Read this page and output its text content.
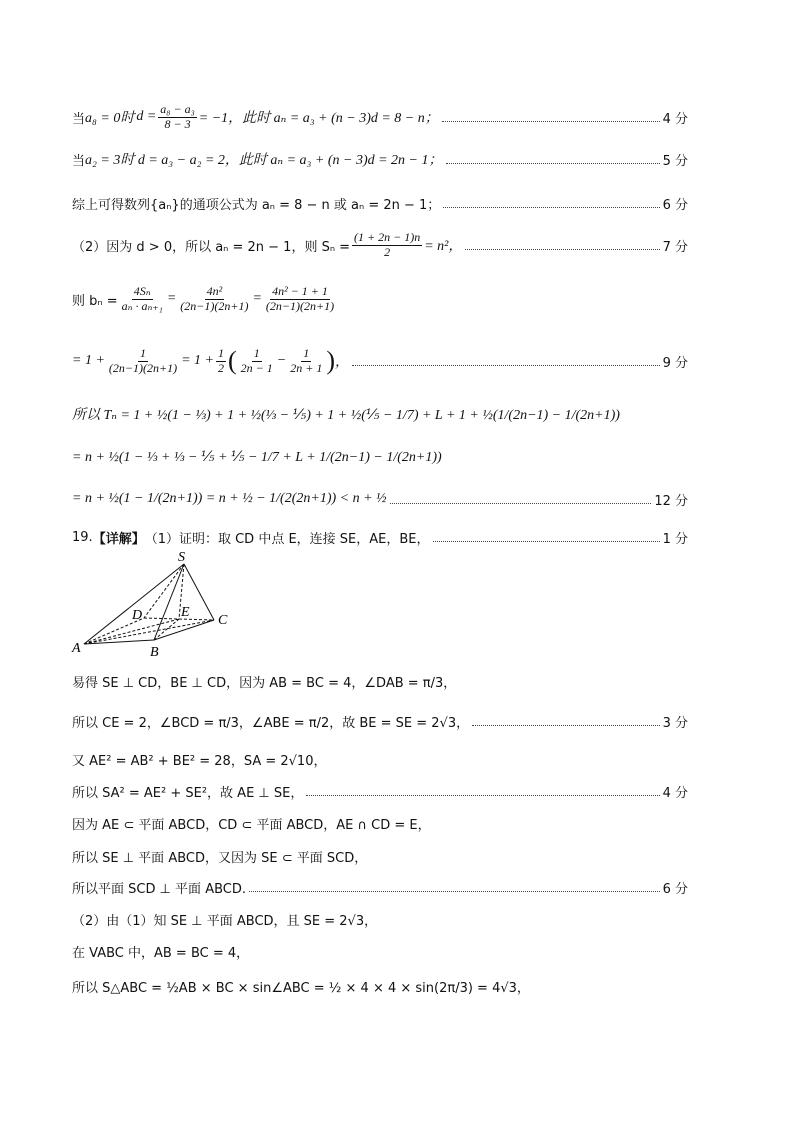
当 a₈ = 0时 $d = \frac{\text{a₈ − a₃}}{8 - 3} = -1$，此时 aₙ = a₃ + (n − 3)d = 8 − n；	4 分
当 a₂ = 3时 d = a₃ − a₂ = 2，此时 aₙ = a₃ + (n − 3)d = 2n − 1；	5 分
综上可得数列{aₙ}的通项公式为 aₙ = 8 − n 或 aₙ = 2n − 1；	6 分
（2）因为 d > 0，所以 aₙ = 2n − 1，则 $S_n = \frac{(1 + 2n - 1)n}{2} = n^2$，	7 分
则 $b_n = \frac{\text{4Sₙ}}{\text{aₙ · aₙ₊₁}} = \frac{\text{4n²}}{(2n-1)(2n+1)} = \frac{\text{4n² − 1 + 1}}{(2n-1)(2n+1)}$
= $1 + \frac{1}{(2n-1)(2n+1)} = 1 + \frac{1}{2}$ ( $\frac{1}{2n - 1} - \frac{1}{2n + 1}$ ) ，	9 分
所以 Tₙ = 1 + ½(1 − ⅓) + 1 + ½(⅓ − ⅕) + 1 + ½(⅕ − 1/7) + L + 1 + ½(1/(2n−1) − 1/(2n+1))
= n + ½(1 − ⅓ + ⅓ − ⅕ + ⅕ − 1/7 + L + 1/(2n−1) − 1/(2n+1))
= n + ½(1 − 1/(2n+1)) = n + ½ − 1/(2(2n+1)) < n + ½	12 分
19. 【详解】 （1）证明：取 CD 中点 E，连接 SE，AE，BE，	1 分
S
D	E
C
A	B
易得 SE ⊥ CD，BE ⊥ CD，因为 AB = BC = 4，∠DAB = π/3，
所以 CE = 2，∠BCD = π/3，∠ABE = π/2，故 BE = SE = 2√3，	3 分
又 AE² = AB² + BE² = 28，SA = 2√10，
所以 SA² = AE² + SE²，故 AE ⊥ SE，	4 分
因为 AE ⊂ 平面 ABCD，CD ⊂ 平面 ABCD，AE ∩ CD = E，
所以 SE ⊥ 平面 ABCD，又因为 SE ⊂ 平面 SCD，
所以平面 SCD ⊥ 平面 ABCD.	6 分
（2）由（1）知 SE ⊥ 平面 ABCD，且 SE = 2√3，
在 VABC 中，AB = BC = 4，
所以 S△ABC = ½AB × BC × sin∠ABC = ½ × 4 × 4 × sin(2π/3) = 4√3，
